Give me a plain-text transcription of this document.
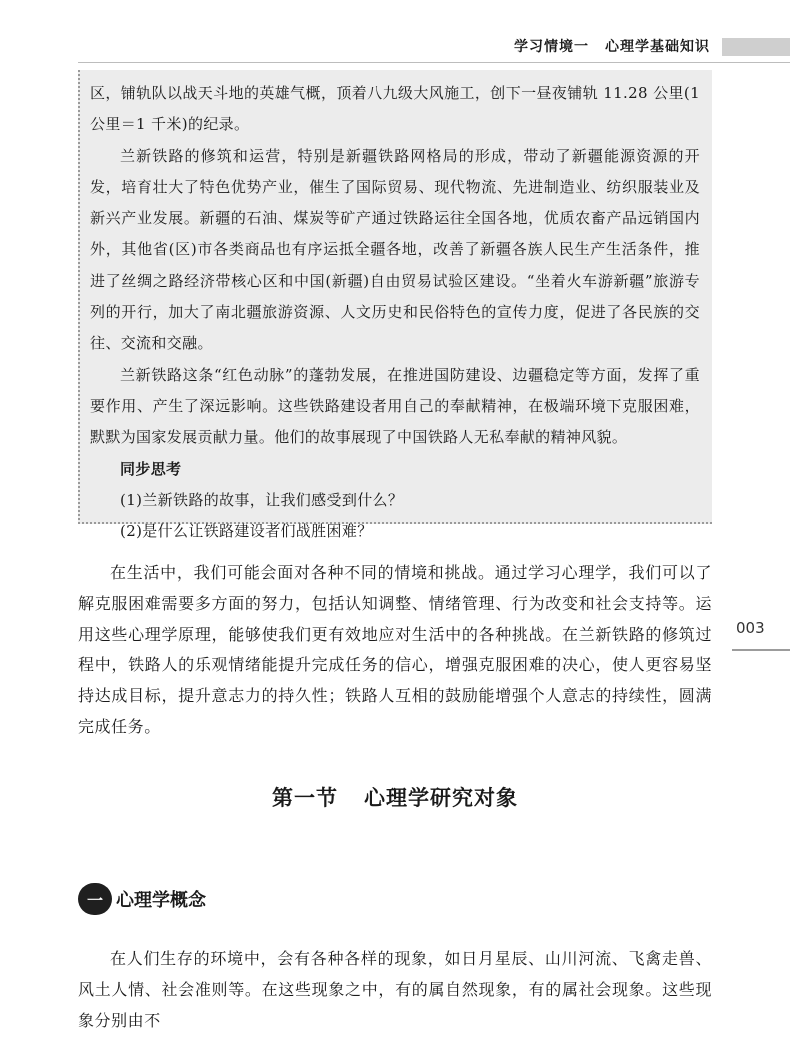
学习情境一 心理学基础知识

区，铺轨队以战天斗地的英雄气概，顶着八九级大风施工，创下一昼夜铺轨 11.28 公里(1公里＝1 千米)的纪录。

兰新铁路的修筑和运营，特别是新疆铁路网格局的形成，带动了新疆能源资源的开发，培育壮大了特色优势产业，催生了国际贸易、现代物流、先进制造业、纺织服装业及新兴产业发展。新疆的石油、煤炭等矿产通过铁路运往全国各地，优质农畜产品远销国内外，其他省(区)市各类商品也有序运抵全疆各地，改善了新疆各族人民生产生活条件，推进了丝绸之路经济带核心区和中国(新疆)自由贸易试验区建设。“坐着火车游新疆”旅游专列的开行，加大了南北疆旅游资源、人文历史和民俗特色的宣传力度，促进了各民族的交往、交流和交融。

兰新铁路这条“红色动脉”的蓬勃发展，在推进国防建设、边疆稳定等方面，发挥了重要作用、产生了深远影响。这些铁路建设者用自己的奉献精神，在极端环境下克服困难，默默为国家发展贡献力量。他们的故事展现了中国铁路人无私奉献的精神风貌。

同步思考

(1)兰新铁路的故事，让我们感受到什么？

(2)是什么让铁路建设者们战胜困难？

003

在生活中，我们可能会面对各种不同的情境和挑战。通过学习心理学，我们可以了解克服困难需要多方面的努力，包括认知调整、情绪管理、行为改变和社会支持等。运用这些心理学原理，能够使我们更有效地应对生活中的各种挑战。在兰新铁路的修筑过程中，铁路人的乐观情绪能提升完成任务的信心，增强克服困难的决心，使人更容易坚持达成目标，提升意志力的持久性；铁路人互相的鼓励能增强个人意志的持续性，圆满完成任务。

第一节 心理学研究对象
一 心理学概念

在人们生存的环境中，会有各种各样的现象，如日月星辰、山川河流、飞禽走兽、风土人情、社会准则等。在这些现象之中，有的属自然现象，有的属社会现象。这些现象分别由不
